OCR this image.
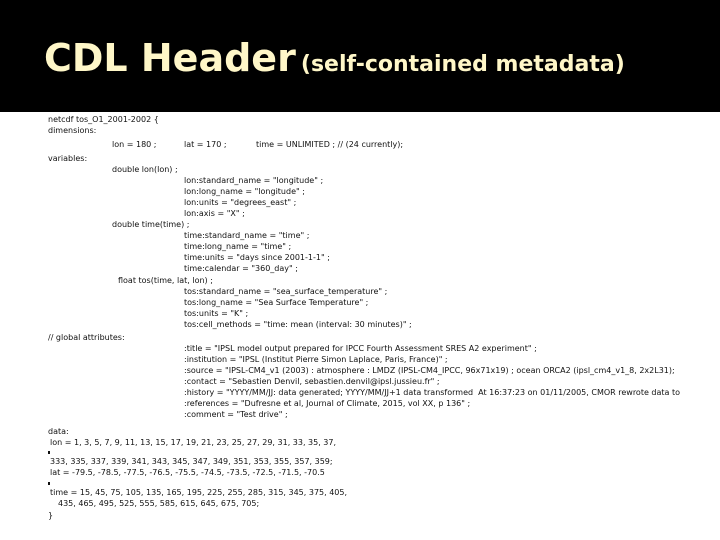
CDL Header (self-contained metadata)
netcdf tos_O1_2001-2002 {
dimensions:
lon = 180 ;	lat = 170 ;	time = UNLIMITED ; // (24 currently);
variables:
double lon(lon) ;
lon:standard_name = "longitude" ;
lon:long_name = "longitude" ;
lon:units = "degrees_east" ;
lon:axis = "X" ;
double time(time) ;
time:standard_name = "time" ;
time:long_name = "time" ;
time:units = "days since 2001-1-1" ;
time:calendar = "360_day" ;
float tos(time, lat, lon) ;
tos:standard_name = "sea_surface_temperature" ;
tos:long_name = "Sea Surface Temperature" ;
tos:units = "K" ;
tos:cell_methods = "time: mean (interval: 30 minutes)" ;
// global attributes:
:title = "IPSL model output prepared for IPCC Fourth Assessment SRES A2 experiment" ;
:institution = "IPSL (Institut Pierre Simon Laplace, Paris, France)" ;
:source = "IPSL-CM4_v1 (2003) : atmosphere : LMDZ (IPSL-CM4_IPCC, 96x71x19) ; ocean ORCA2 (ipsl_cm4_v1_8, 2x2L31);
:contact = "Sebastien Denvil, sebastien.denvil@ipsl.jussieu.fr" ;
:history = "YYYY/MM/JJ: data generated; YYYY/MM/JJ+1 data transformed  At 16:37:23 on 01/11/2005, CMOR rewrote data to
:references = "Dufresne et al, Journal of Climate, 2015, vol XX, p 136" ;
:comment = "Test drive" ;
data:
lon = 1, 3, 5, 7, 9, 11, 13, 15, 17, 19, 21, 23, 25, 27, 29, 31, 33, 35, 37,
333, 335, 337, 339, 341, 343, 345, 347, 349, 351, 353, 355, 357, 359;
lat = -79.5, -78.5, -77.5, -76.5, -75.5, -74.5, -73.5, -72.5, -71.5, -70.5
time = 15, 45, 75, 105, 135, 165, 195, 225, 255, 285, 315, 345, 375, 405,
435, 465, 495, 525, 555, 585, 615, 645, 675, 705;
}
